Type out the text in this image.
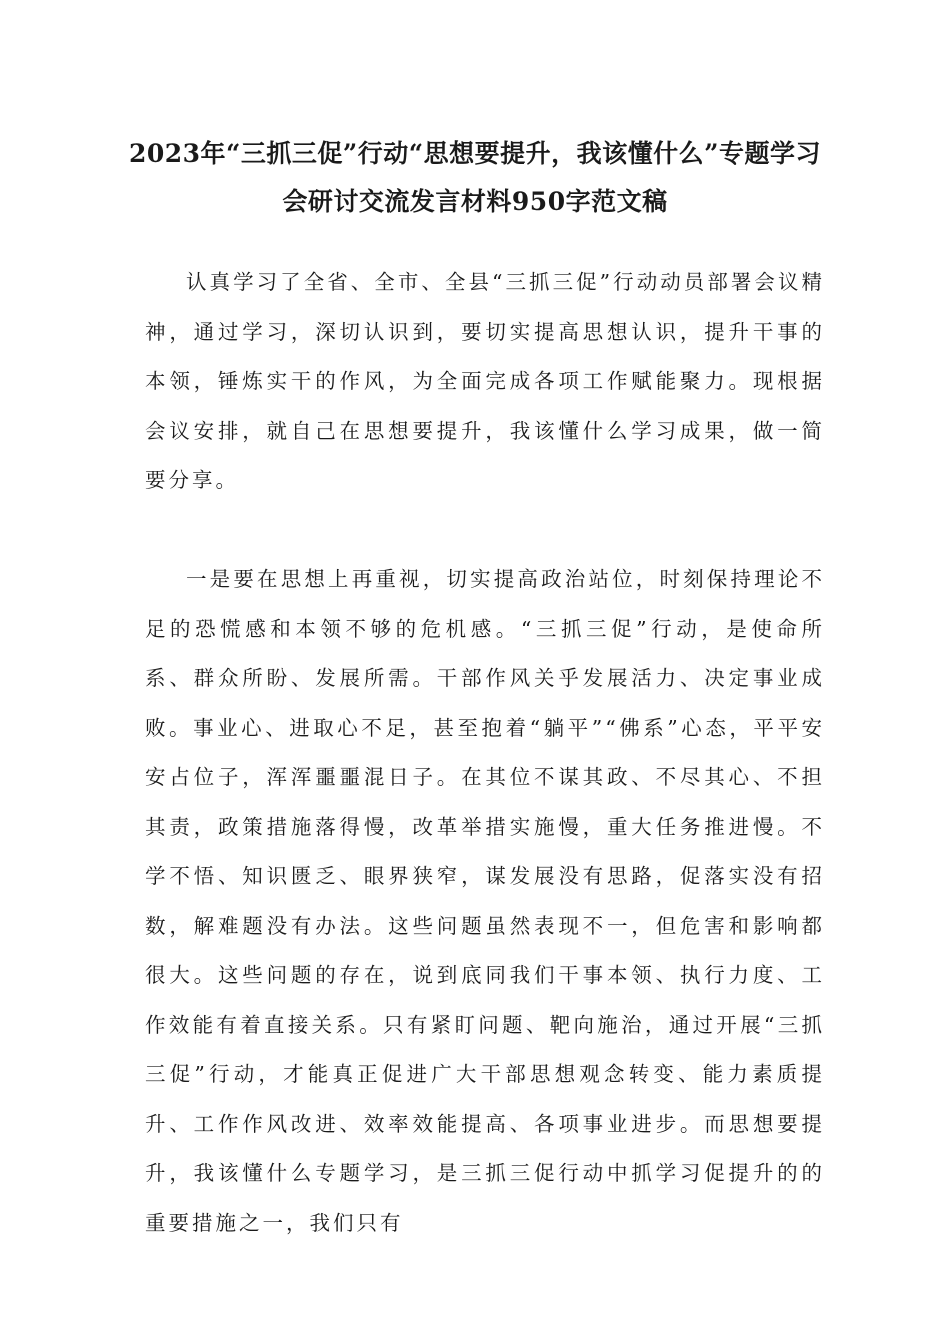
2023年“三抓三促”行动“思想要提升，我该懂什么”专题学习会研讨交流发言材料950字范文稿

认真学习了全省、全市、全县“三抓三促”行动动员部署会议精神，通过学习，深切认识到，要切实提高思想认识，提升干事的本领，锤炼实干的作风，为全面完成各项工作赋能聚力。现根据会议安排，就自己在思想要提升，我该懂什么学习成果，做一简要分享。

一是要在思想上再重视，切实提高政治站位，时刻保持理论不足的恐慌感和本领不够的危机感。“三抓三促”行动，是使命所系、群众所盼、发展所需。干部作风关乎发展活力、决定事业成败。事业心、进取心不足，甚至抱着“躺平”“佛系”心态，平平安安占位子，浑浑噩噩混日子。在其位不谋其政、不尽其心、不担其责，政策措施落得慢，改革举措实施慢，重大任务推进慢。不学不悟、知识匮乏、眼界狭窄，谋发展没有思路，促落实没有招数，解难题没有办法。这些问题虽然表现不一，但危害和影响都很大。这些问题的存在，说到底同我们干事本领、执行力度、工作效能有着直接关系。只有紧盯问题、靶向施治，通过开展“三抓三促”行动，才能真正促进广大干部思想观念转变、能力素质提升、工作作风改进、效率效能提高、各项事业进步。而思想要提升，我该懂什么专题学习，是三抓三促行动中抓学习促提升的的重要措施之一，我们只有
